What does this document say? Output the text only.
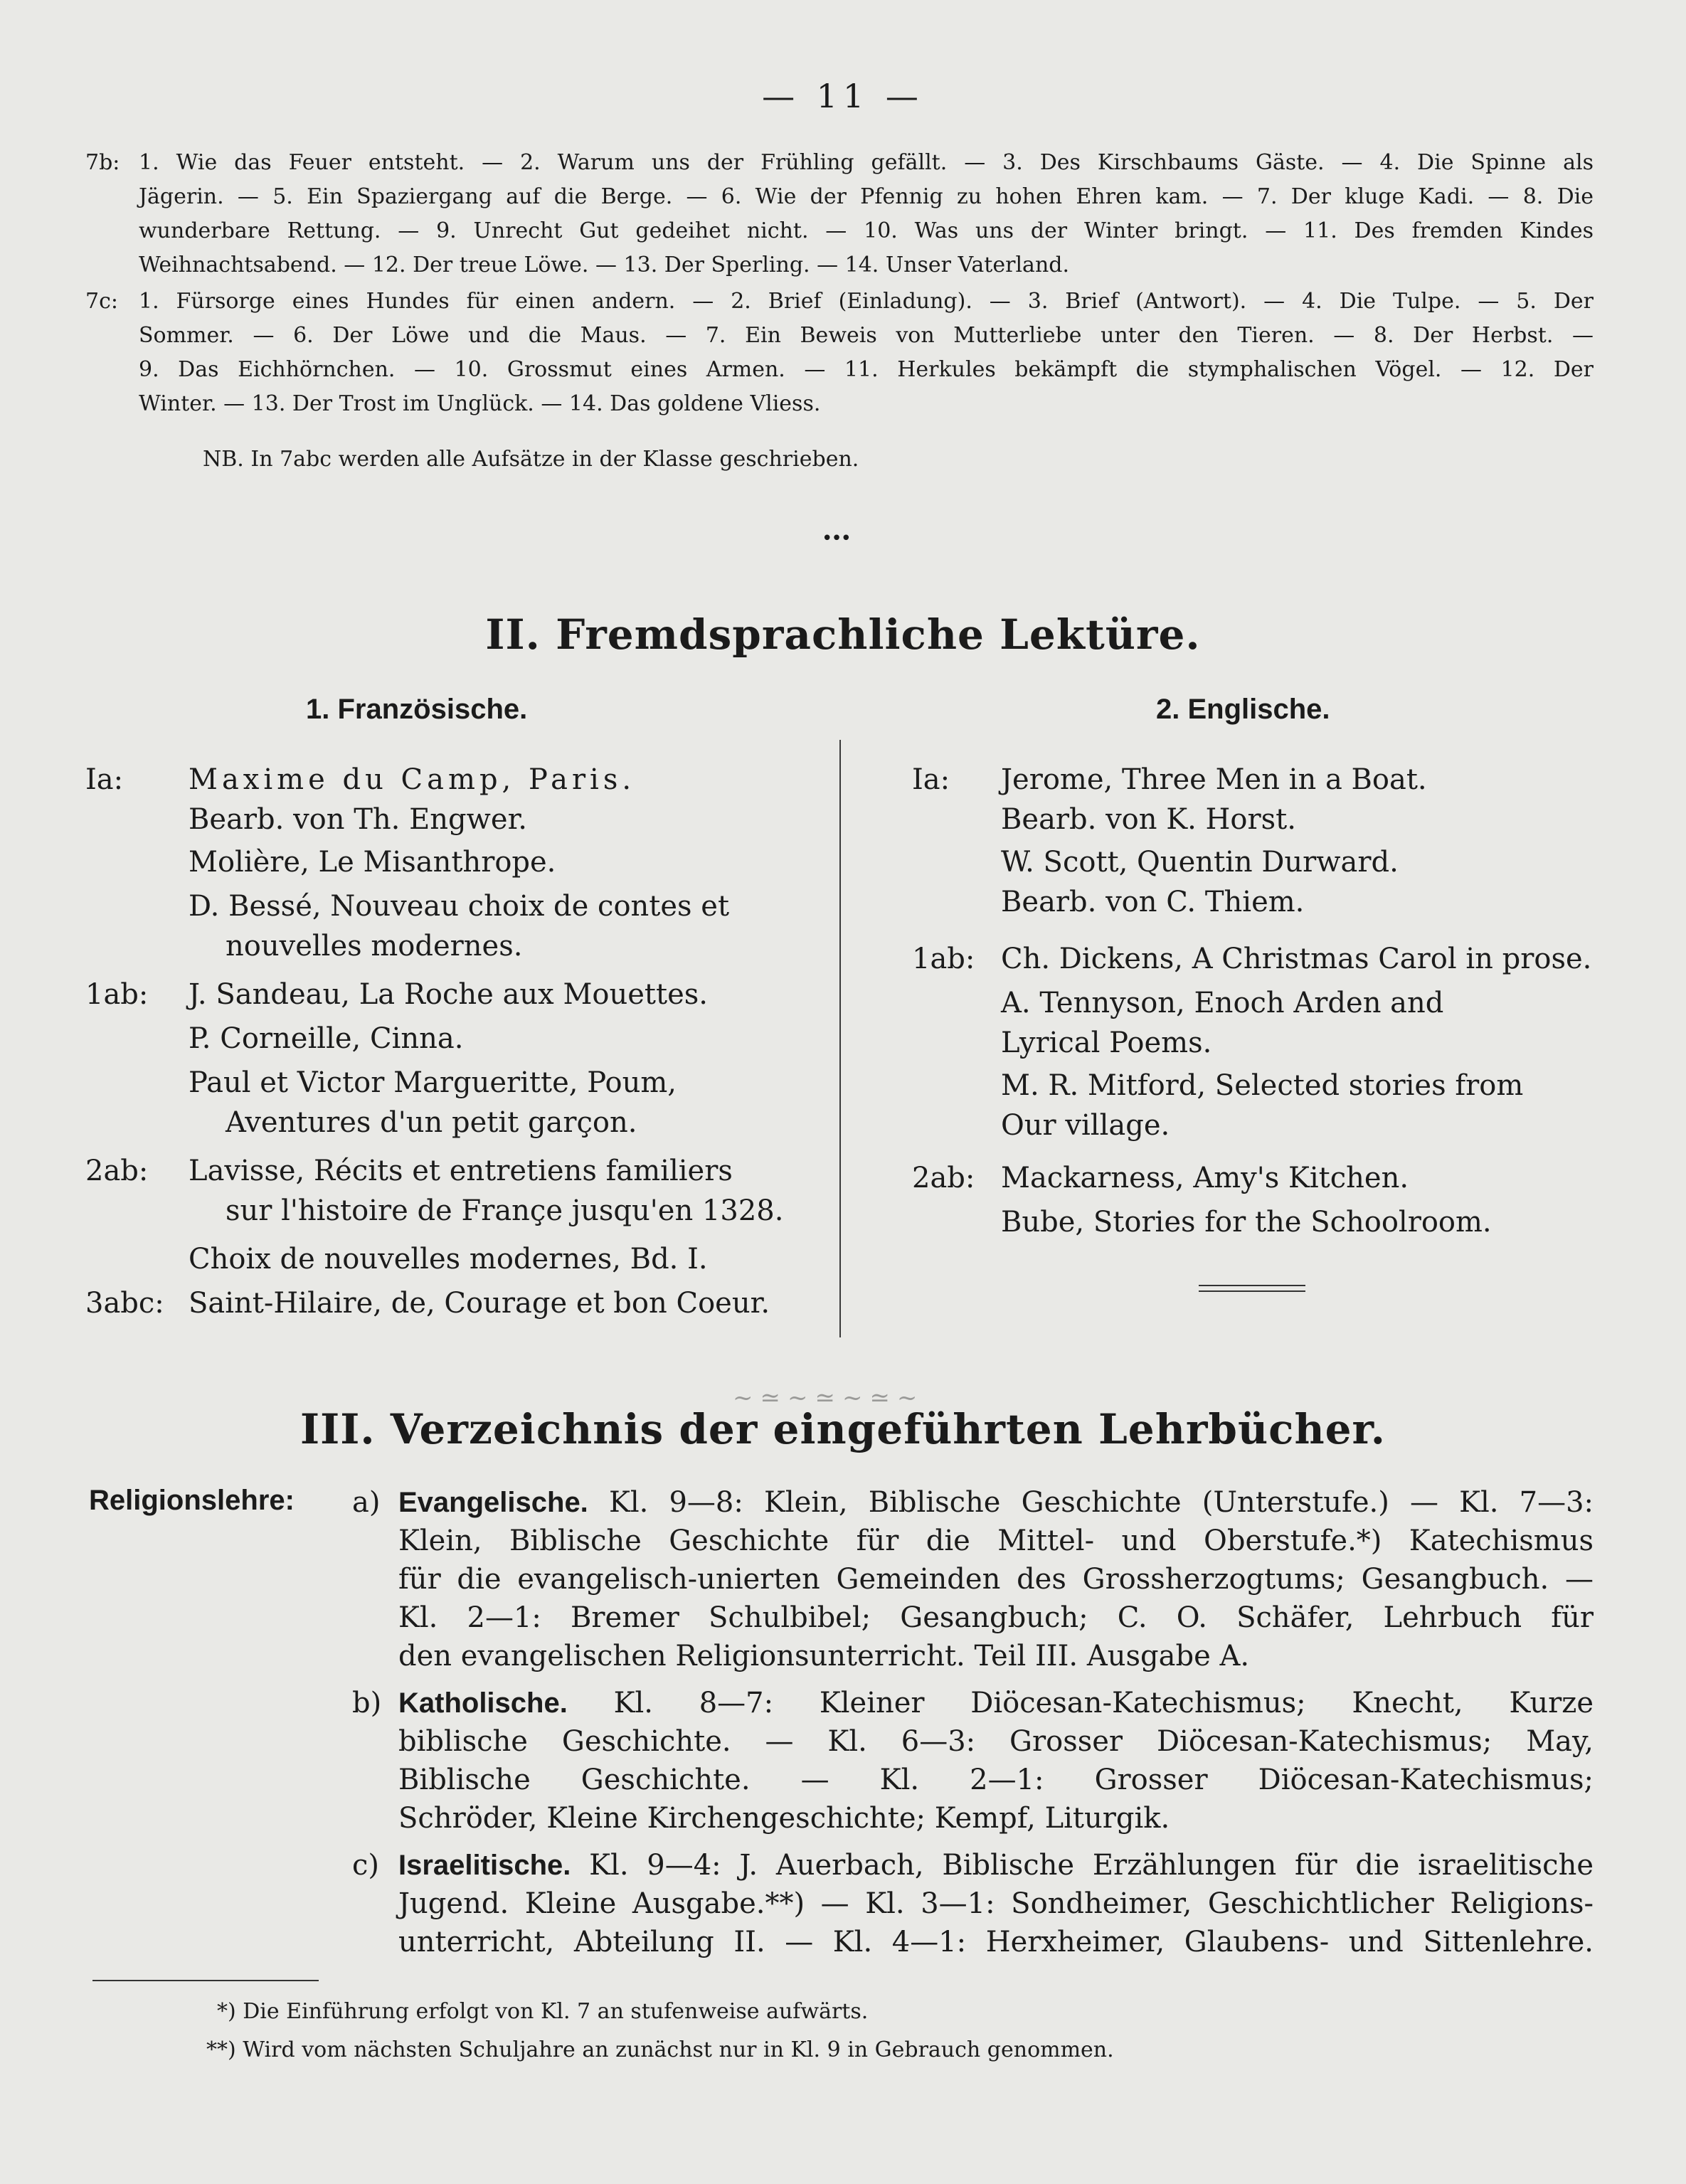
— 11 —
7b: 1. Wie das Feuer entsteht. — 2. Warum uns der Frühling gefällt. — 3. Des Kirschbaums Gäste. — 4. Die Spinne als
Jägerin. — 5. Ein Spaziergang auf die Berge. — 6. Wie der Pfennig zu hohen Ehren kam. — 7. Der kluge Kadi. — 8. Die
wunderbare Rettung. — 9. Unrecht Gut gedeihet nicht. — 10. Was uns der Winter bringt. — 11. Des fremden Kindes
Weihnachtsabend. — 12. Der treue Löwe. — 13. Der Sperling. — 14. Unser Vaterland.
7c: 1. Fürsorge eines Hundes für einen andern. — 2. Brief (Einladung). — 3. Brief (Antwort). — 4. Die Tulpe. — 5. Der
Sommer. — 6. Der Löwe und die Maus. — 7. Ein Beweis von Mutterliebe unter den Tieren. — 8. Der Herbst. —
9. Das Eichhörnchen. — 10. Grossmut eines Armen. — 11. Herkules bekämpft die stymphalischen Vögel. — 12. Der
Winter. — 13. Der Trost im Unglück. — 14. Das goldene Vliess.
NB. In 7abc werden alle Aufsätze in der Klasse geschrieben.
•••
II. Fremdsprachliche Lektüre.
1. Französische.	2. Englische.
Ia: Maxime du Camp, Paris.
Bearb. von Th. Engwer.
Molière, Le Misanthrope.
D. Bessé, Nouveau choix de contes et
nouvelles modernes.
1ab: J. Sandeau, La Roche aux Mouettes.
P. Corneille, Cinna.
Paul et Victor Margueritte, Poum,
Aventures d'un petit garçon.
2ab: Lavisse, Récits et entretiens familiers
sur l'histoire de Françe jusqu'en 1328.
Choix de nouvelles modernes, Bd. I.
3abc: Saint-Hilaire, de, Courage et bon Coeur.
Ia: Jerome, Three Men in a Boat.
Bearb. von K. Horst.
W. Scott, Quentin Durward.
Bearb. von C. Thiem.
1ab: Ch. Dickens, A Christmas Carol in prose.
A. Tennyson, Enoch Arden and
Lyrical Poems.
M. R. Mitford, Selected stories from
Our village.
2ab: Mackarness, Amy's Kitchen.
Bube, Stories for the Schoolroom.
~≃~≃~≃~
III. Verzeichnis der eingeführten Lehrbücher.
Religionslehre: a) Evangelische. Kl. 9—8: Klein, Biblische Geschichte (Unterstufe.) — Kl. 7—3:
Klein, Biblische Geschichte für die Mittel- und Oberstufe.*) Katechismus
für die evangelisch-unierten Gemeinden des Grossherzogtums; Gesangbuch. —
Kl. 2—1: Bremer Schulbibel; Gesangbuch; C. O. Schäfer, Lehrbuch für
den evangelischen Religionsunterricht. Teil III. Ausgabe A.
b) Katholische. Kl. 8—7: Kleiner Diöcesan-Katechismus; Knecht, Kurze
biblische Geschichte. — Kl. 6—3: Grosser Diöcesan-Katechismus; May,
Biblische Geschichte. — Kl. 2—1: Grosser Diöcesan-Katechismus;
Schröder, Kleine Kirchengeschichte; Kempf, Liturgik.
c) Israelitische. Kl. 9—4: J. Auerbach, Biblische Erzählungen für die israelitische
Jugend. Kleine Ausgabe.**) — Kl. 3—1: Sondheimer, Geschichtlicher Religions-
unterricht, Abteilung II. — Kl. 4—1: Herxheimer, Glaubens- und Sittenlehre.
*) Die Einführung erfolgt von Kl. 7 an stufenweise aufwärts.
**) Wird vom nächsten Schuljahre an zunächst nur in Kl. 9 in Gebrauch genommen.
